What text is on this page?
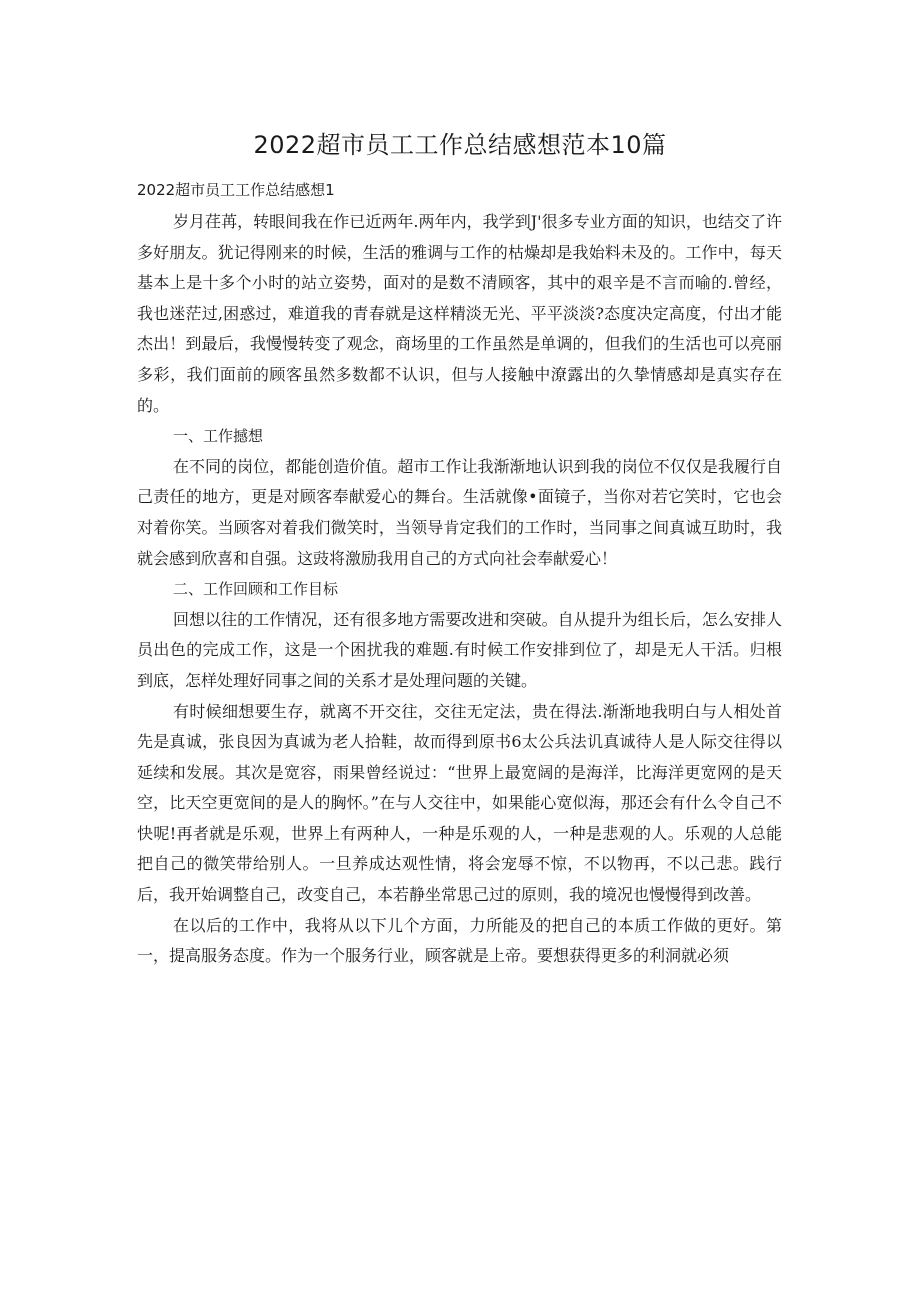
2022超市员工工作总结感想范本10篇

2022超市员工工作总结感想1

岁月荏苒，转眼间我在作已近两年.两年内，我学到J'很多专业方面的知识，也结交了许多好朋友。犹记得刚来的时候，生活的雅调与工作的枯燥却是我始料未及的。工作中，每天基本上是十多个小时的站立姿势，面对的是数不清顾客，其中的艰辛是不言而喻的.曾经，我也迷茫过,困惑过，难道我的青春就是这样精淡无光、平平淡淡?态度决定高度，付出才能杰出！到最后，我慢慢转变了观念，商场里的工作虽然是单调的，但我们的生活也可以亮丽多彩，我们面前的顾客虽然多数都不认识，但与人接触中潦露出的久挚情感却是真实存在的。

一、工作撼想

在不同的岗位，都能创造价值。超市工作让我渐渐地认识到我的岗位不仅仅是我履行自己责任的地方，更是对顾客奉献爱心的舞台。生活就像•面镜子，当你对若它笑时，它也会对着你笑。当顾客对着我们微笑时，当领导肯定我们的工作时，当同事之间真诚互助时，我就会感到欣喜和自强。这豉将激励我用自己的方式向社会奉献爱心！

二、工作回顾和工作目标

回想以往的工作情况，还有很多地方需要改进和突破。自从提升为组长后，怎么安排人员出色的完成工作，这是一个困扰我的难题.有时候工作安排到位了，却是无人干活。归根到底，怎样处理好同事之间的关系才是处理问题的关键。

有时候细想要生存，就离不开交往，交往无定法，贵在得法.渐渐地我明白与人相处首先是真诚，张良因为真诚为老人拾鞋，故而得到原书6太公兵法讥真诚待人是人际交往得以延续和发展。其次是宽容，雨果曾经说过：“世界上最宽阔的是海洋，比海洋更宽网的是天空，比天空更宽间的是人的胸怀。”在与人交往中，如果能心宽似海，那还会有什么令自己不快呢!再者就是乐观，世界上有两种人，一种是乐观的人，一种是悲观的人。乐观的人总能把自己的微笑带给别人。一旦养成达观性情，将会宠辱不惊，不以物再，不以己悲。践行后，我开始调整自己，改变自己，本若静坐常思己过的原则，我的境况也慢慢得到改善。

在以后的工作中，我将从以下儿个方面，力所能及的把自己的本质工作做的更好。第一，提高服务态度。作为一个服务行业，顾客就是上帝。要想获得更多的利洞就必须
